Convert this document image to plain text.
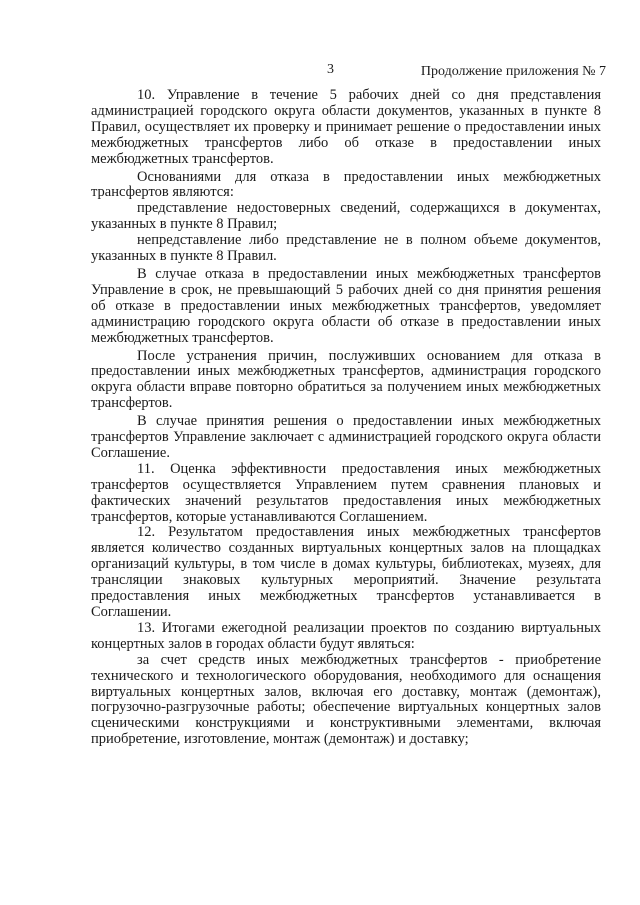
3	Продолжение приложения № 7

10. Управление в течение 5 рабочих дней со дня представления администрацией городского округа области документов, указанных в пункте 8 Правил, осуществляет их проверку и принимает решение о предоставлении иных межбюджетных трансфертов либо об отказе в предоставлении иных межбюджетных трансфертов.

Основаниями для отказа в предоставлении иных межбюджетных трансфертов являются:

представление недостоверных сведений, содержащихся в документах, указанных в пункте 8 Правил;

непредставление либо представление не в полном объеме документов, указанных в пункте 8 Правил.

В случае отказа в предоставлении иных межбюджетных трансфертов Управление в срок, не превышающий 5 рабочих дней со дня принятия решения об отказе в предоставлении иных межбюджетных трансфертов, уведомляет администрацию городского округа области об отказе в предоставлении иных межбюджетных трансфертов.

После устранения причин, послуживших основанием для отказа в предоставлении иных межбюджетных трансфертов, администрация городского округа области вправе повторно обратиться за получением иных межбюджетных трансфертов.

В случае принятия решения о предоставлении иных межбюджетных трансфертов Управление заключает с администрацией городского округа области Соглашение.

11. Оценка эффективности предоставления иных межбюджетных трансфертов осуществляется Управлением путем сравнения плановых и фактических значений результатов предоставления иных межбюджетных трансфертов, которые устанавливаются Соглашением.

12. Результатом предоставления иных межбюджетных трансфертов является количество созданных виртуальных концертных залов на площадках организаций культуры, в том числе в домах культуры, библиотеках, музеях, для трансляции знаковых культурных мероприятий. Значение результата предоставления иных межбюджетных трансфертов устанавливается в Соглашении.

13. Итогами ежегодной реализации проектов по созданию виртуальных концертных залов в городах области будут являться:

за счет средств иных межбюджетных трансфертов - приобретение технического и технологического оборудования, необходимого для оснащения виртуальных концертных залов, включая его доставку, монтаж (демонтаж), погрузочно-разгрузочные работы; обеспечение виртуальных концертных залов сценическими конструкциями и конструктивными элементами, включая приобретение, изготовление, монтаж (демонтаж) и доставку;
